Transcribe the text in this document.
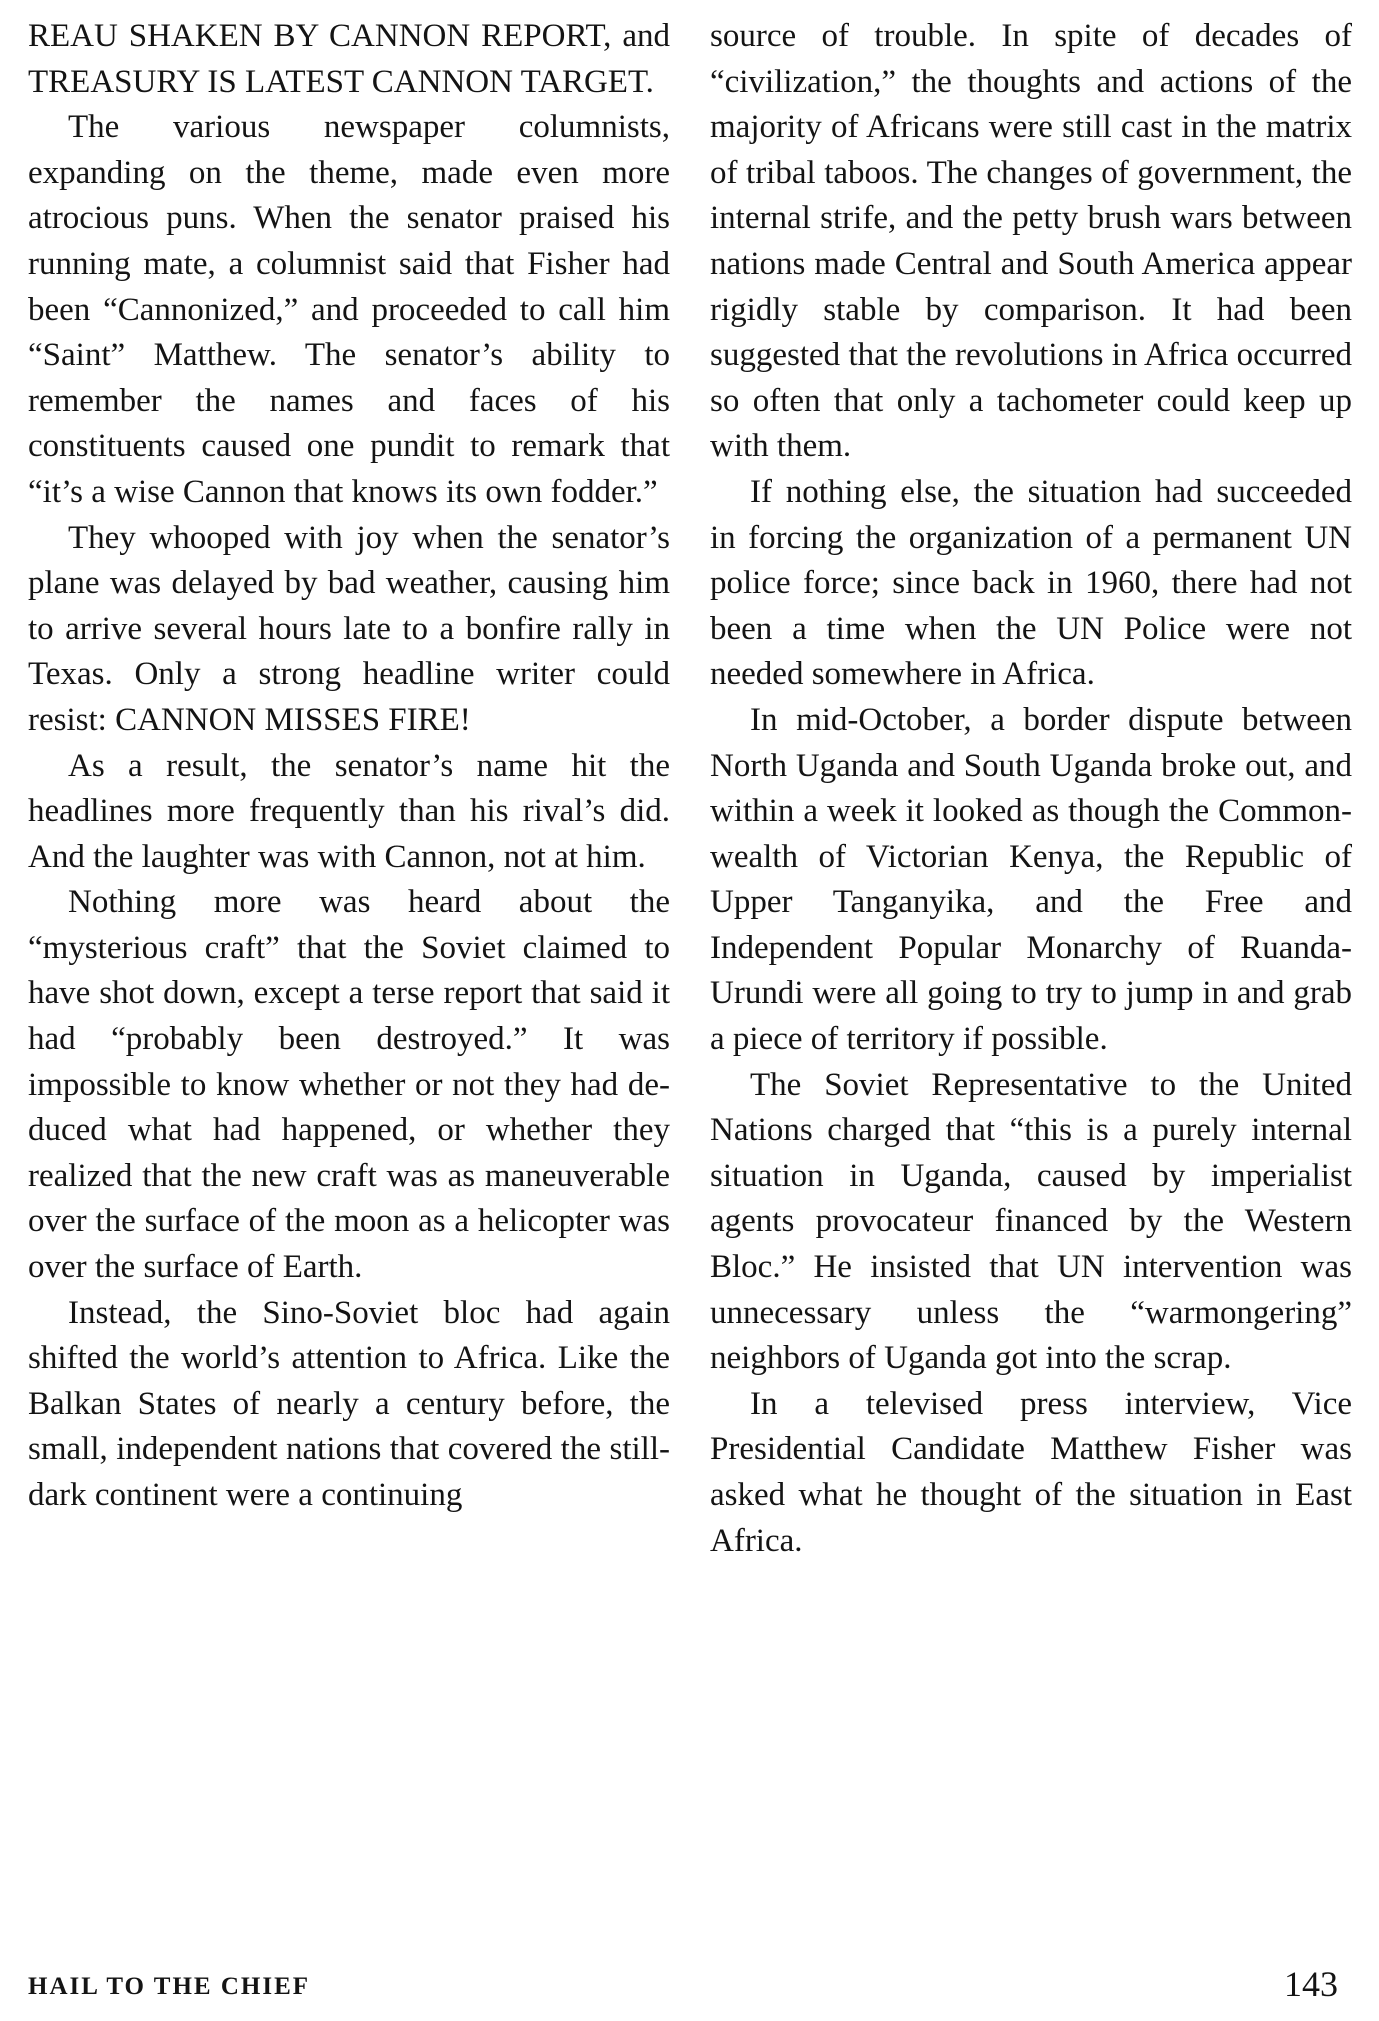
REAU SHAKEN BY CANNON REPORT, and TREASURY IS LATEST CANNON TARGET.

The various newspaper columnists, expanding on the theme, made even more atrocious puns. When the senator praised his running mate, a columnist said that Fisher had been “Cannonized,” and proceeded to call him “Saint” Matthew. The senator’s ability to remember the names and faces of his constituents caused one pundit to remark that “it’s a wise Cannon that knows its own fodder.”

They whooped with joy when the senator’s plane was delayed by bad weather, causing him to arrive several hours late to a bonfire rally in Texas. Only a strong headline writer could resist: CANNON MISSES FIRE!

As a result, the senator’s name hit the headlines more frequently than his rival’s did. And the laughter was with Cannon, not at him.

Nothing more was heard about the “mysterious craft” that the Soviet claimed to have shot down, except a terse report that said it had “probably been destroyed.” It was impossible to know whether or not they had deduced what had happened, or whether they realized that the new craft was as maneuverable over the surface of the moon as a helicopter was over the surface of Earth.

Instead, the Sino-Soviet bloc had again shifted the world’s attention to Africa. Like the Balkan States of nearly a century before, the small, independent nations that covered the still-dark continent were a continuing

source of trouble. In spite of decades of “civilization,” the thoughts and actions of the majority of Africans were still cast in the matrix of tribal taboos. The changes of government, the internal strife, and the petty brush wars between nations made Central and South America appear rigidly stable by comparison. It had been suggested that the revolutions in Africa occurred so often that only a tachometer could keep up with them.

If nothing else, the situation had succeeded in forcing the organization of a permanent UN police force; since back in 1960, there had not been a time when the UN Police were not needed somewhere in Africa.

In mid-October, a border dispute between North Uganda and South Uganda broke out, and within a week it looked as though the Commonwealth of Victorian Kenya, the Republic of Upper Tanganyika, and the Free and Independent Popular Monarchy of Ruanda-Urundi were all going to try to jump in and grab a piece of territory if possible.

The Soviet Representative to the United Nations charged that “this is a purely internal situation in Uganda, caused by imperialist agents provocateur financed by the Western Bloc.” He insisted that UN intervention was unnecessary unless the “warmongering” neighbors of Uganda got into the scrap.

In a televised press interview, Vice Presidential Candidate Matthew Fisher was asked what he thought of the situation in East Africa.

HAIL TO THE CHIEF	143
